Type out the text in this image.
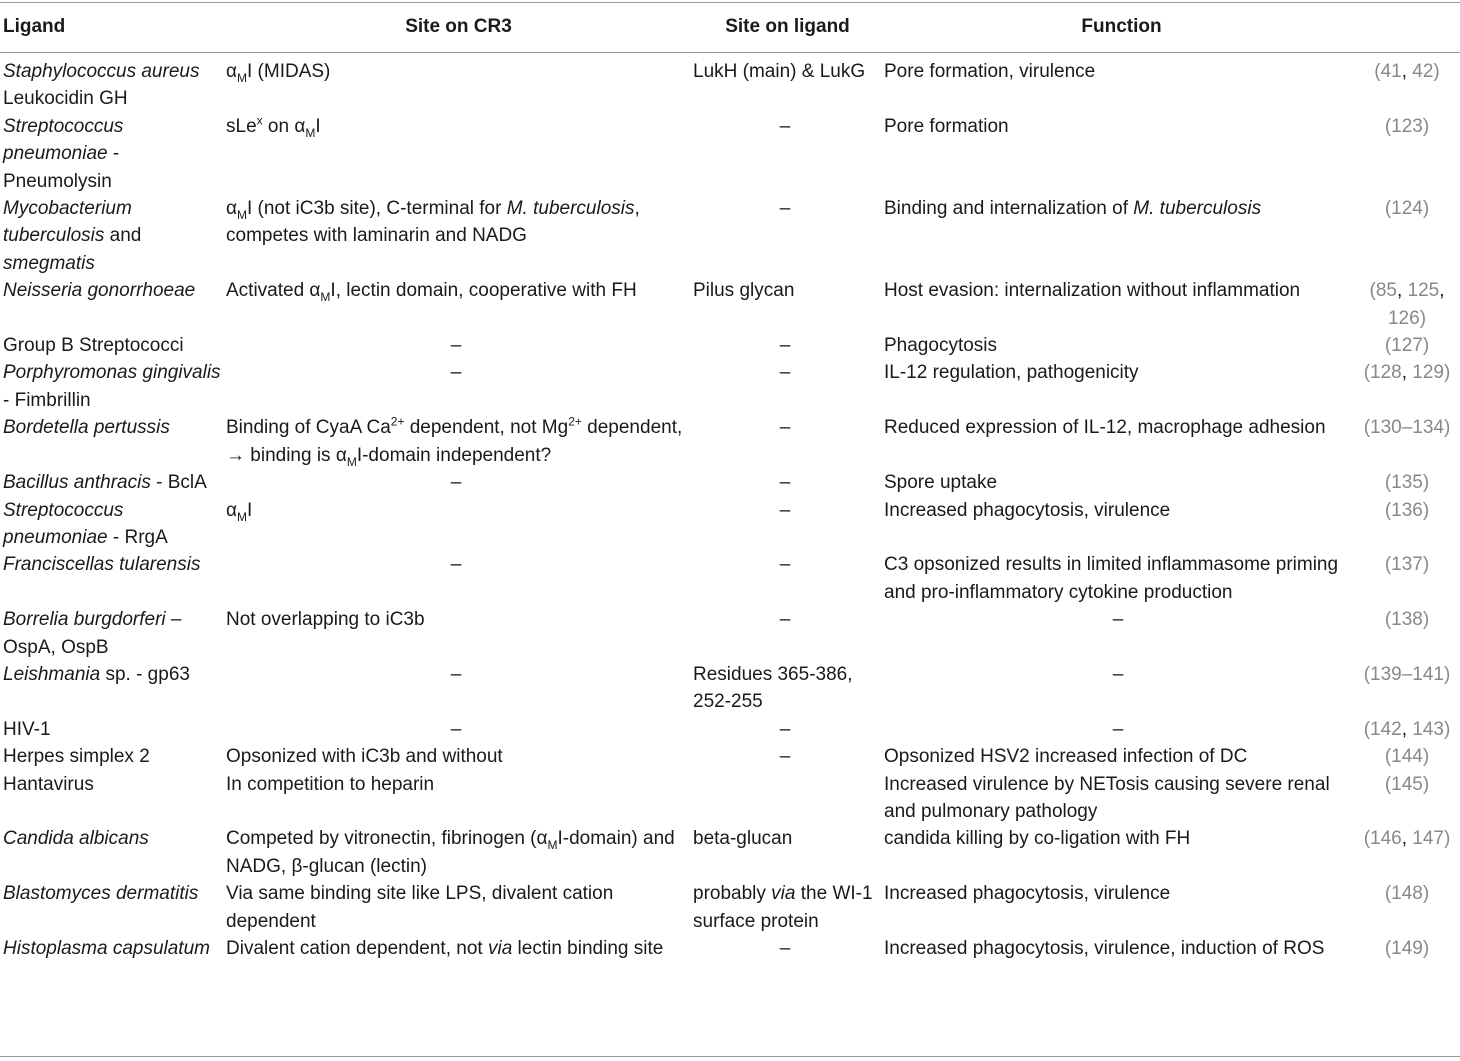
Ligand	Site on CR3	Site on ligand	Function	
Staphylococcus aureus Leukocidin GH	$\alpha_MI$ (MIDAS)	LukH (main) & LukG	Pore formation, virulence	(41, 42)
Streptococcus pneumoniae - Pneumolysin	sLe$^x$ on $\alpha_MI$	–	Pore formation	(123)
Mycobacterium tuberculosis and smegmatis	$\alpha_MI$ (not iC3b site), C-terminal for M. tuberculosis, competes with laminarin and NADG	–	Binding and internalization of M. tuberculosis	(124)
Neisseria gonorrhoeae	Activated $\alpha_MI$, lectin domain, cooperative with FH	Pilus glycan	Host evasion: internalization without inflammation	(85, 125, 126)
Group B Streptococci	–	–	Phagocytosis	(127)
Porphyromonas gingivalis - Fimbrillin	–	–	IL-12 regulation, pathogenicity	(128, 129)
Bordetella pertussis	Binding of CyaA $Ca^{2+}$ dependent, not $Mg^{2+}$ dependent, → binding is $\alpha_MI$-domain independent?	–	Reduced expression of IL-12, macrophage adhesion	(130–134)
Bacillus anthracis - BclA	–	–	Spore uptake	(135)
Streptococcus pneumoniae - RrgA	$\alpha_MI$	–	Increased phagocytosis, virulence	(136)
Franciscellas tularensis	–	–	C3 opsonized results in limited inflammasome priming and pro-inflammatory cytokine production	(137)
Borrelia burgdorferi – OspA, OspB	Not overlapping to iC3b	–	–	(138)
Leishmania sp. - gp63	–	Residues 365-386, 252-255	–	(139–141)
HIV-1	–	–	–	(142, 143)
Herpes simplex 2	Opsonized with iC3b and without	–	Opsonized HSV2 increased infection of DC	(144)
Hantavirus	In competition to heparin		Increased virulence by NETosis causing severe renal and pulmonary pathology	(145)
Candida albicans	Competed by vitronectin, fibrinogen $(\alpha_MI-domain)$ and NADG, β-glucan (lectin)	beta-glucan	candida killing by co-ligation with FH	(146, 147)
Blastomyces dermatitis	Via same binding site like LPS, divalent cation dependent	probably via the WI-1 surface protein	Increased phagocytosis, virulence	(148)
Histoplasma capsulatum	Divalent cation dependent, not via lectin binding site	–	Increased phagocytosis, virulence, induction of ROS	(149)
